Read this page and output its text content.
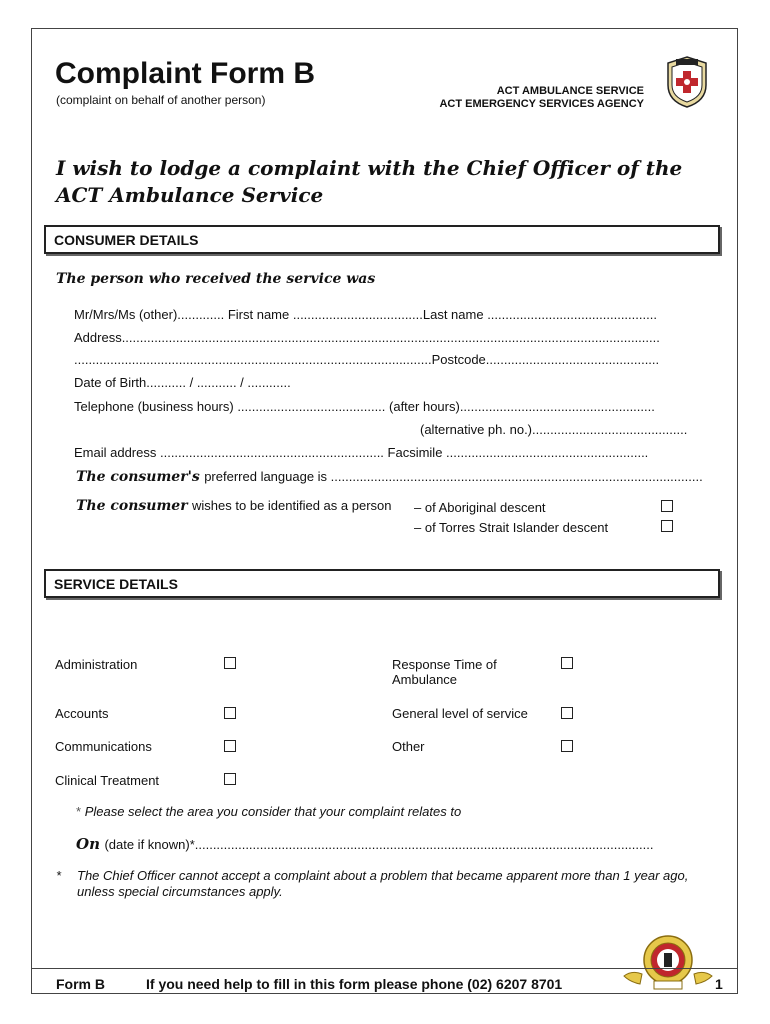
Complaint Form B
(complaint on behalf of another person)
ACT AMBULANCE SERVICE
ACT EMERGENCY SERVICES AGENCY
I wish to lodge a complaint with the Chief Officer of the ACT Ambulance Service
CONSUMER DETAILS
The person who received the service was
Mr/Mrs/Ms (other)............. First name ....................................Last name ...............................................
Address.....................................................................................................................................................
...................................................................................................Postcode................................................
Date of Birth........... / ........... / ............
Telephone (business hours) ......................................... (after hours)......................................................
(alternative ph. no.)...........................................
Email address .............................................................. Facsimile ........................................................
The consumer's preferred language is .......................................................................................................
The consumer wishes to be identified as a person – of Aboriginal descent
– of Torres Strait Islander descent
SERVICE DETAILS
Administration
Accounts
Communications
Clinical Treatment
Response Time of Ambulance
General level of service
Other
* Please select the area you consider that your complaint relates to
On (date if known)*...............................................................................................................................
* The Chief Officer cannot accept a complaint about a problem that became apparent more than 1 year ago, unless special circumstances apply.
Form B	If you need help to fill in this form please phone (02) 6207 8701	1
